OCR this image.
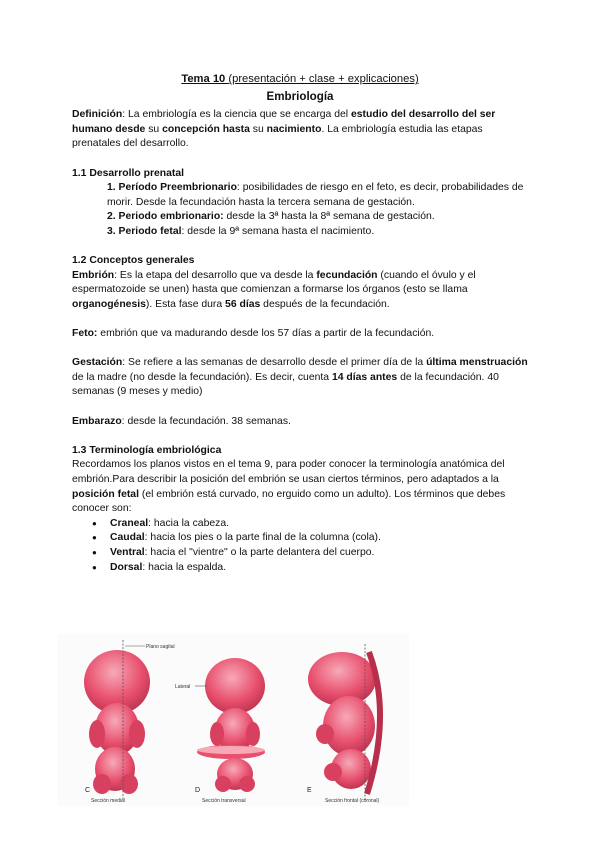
Tema 10 (presentación + clase + explicaciones)
Embriología

Definición: La embriología es la ciencia que se encarga del estudio del desarrollo del ser humano desde su concepción hasta su nacimiento. La embriología estudia las etapas prenatales del desarrollo.

1.1 Desarrollo prenatal

1. Período Preembrionario: posibilidades de riesgo en el feto, es decir, probabilidades de morir. Desde la fecundación hasta la tercera semana de gestación.
2. Periodo embrionario: desde la 3ª hasta la 8ª semana de gestación.
3. Periodo fetal: desde la 9ª semana hasta el nacimiento.

1.2 Conceptos generales

Embrión: Es la etapa del desarrollo que va desde la fecundación (cuando el óvulo y el espermatozoide se unen) hasta que comienzan a formarse los órganos (esto se llama organogénesis). Esta fase dura 56 días después de la fecundación.

Feto: embrión que va madurando desde los 57 días a partir de la fecundación.

Gestación: Se refiere a las semanas de desarrollo desde el primer día de la última menstruación de la madre (no desde la fecundación). Es decir, cuenta 14 días antes de la fecundación. 40 semanas (9 meses y medio)

Embarazo: desde la fecundación. 38 semanas.

1.3 Terminología embriológica

Recordamos los planos vistos en el tema 9, para poder conocer la terminología anatómica del embrión.Para describir la posición del embrión se usan ciertos términos, pero adaptados a la posición fetal (el embrión está curvado, no erguido como un adulto). Los términos que debes conocer son:

● Craneal: hacia la cabeza.
● Caudal: hacia los pies o la parte final de la columna (cola).
● Ventral: hacia el "vientre" o la parte delantera del cuerpo.
● Dorsal: hacia la espalda.
Plano sagital
C
Sección medial
Lateral
D
Sección transversal
E
Sección frontal (coronal)
